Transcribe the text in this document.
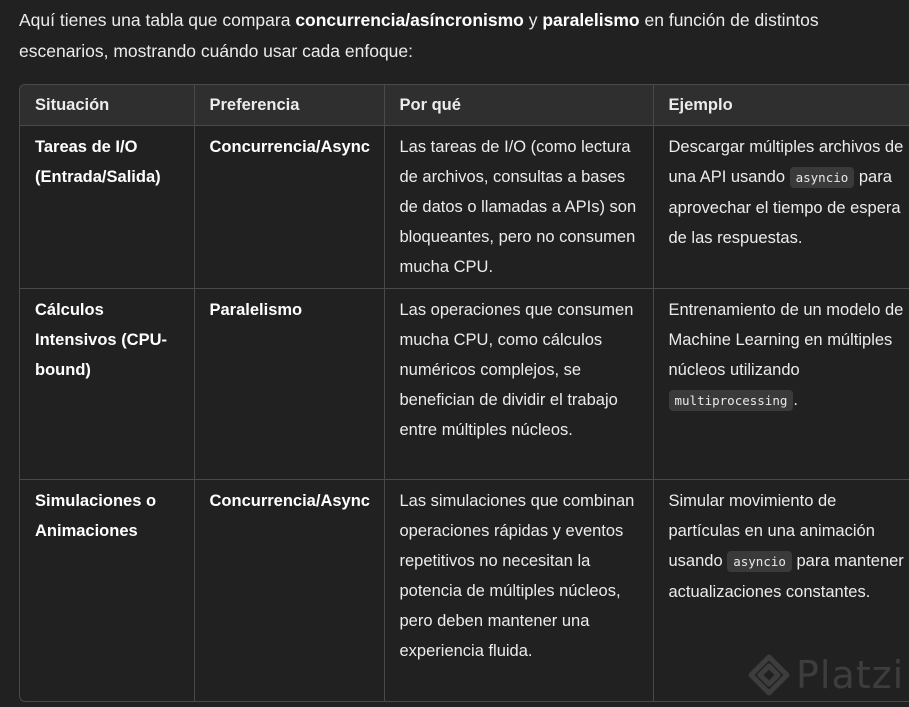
Aquí tienes una tabla que compara concurrencia/asíncronismo y paralelismo en función de distintos
escenarios, mostrando cuándo usar cada enfoque:
Situación	Preferencia	Por qué	Ejemplo
Tareas de I/O (Entrada/Salida)	Concurrencia/Async	Las tareas de I/O (como lectura de archivos, consultas a bases de datos o llamadas a APIs) son bloqueantes, pero no consumen mucha CPU.	Descargar múltiples archivos de una API usando asyncio para aprovechar el tiempo de espera de las respuestas.
Cálculos Intensivos (CPU-bound)	Paralelismo	Las operaciones que consumen mucha CPU, como cálculos numéricos complejos, se benefician de dividir el trabajo entre múltiples núcleos.	Entrenamiento de un modelo de Machine Learning en múltiples núcleos utilizando multiprocessing .
Simulaciones o Animaciones	Concurrencia/Async	Las simulaciones que combinan operaciones rápidas y eventos repetitivos no necesitan la potencia de múltiples núcleos, pero deben mantener una experiencia fluida.	Simular movimiento de partículas en una animación usando asyncio para mantener actualizaciones constantes.
Platzi
